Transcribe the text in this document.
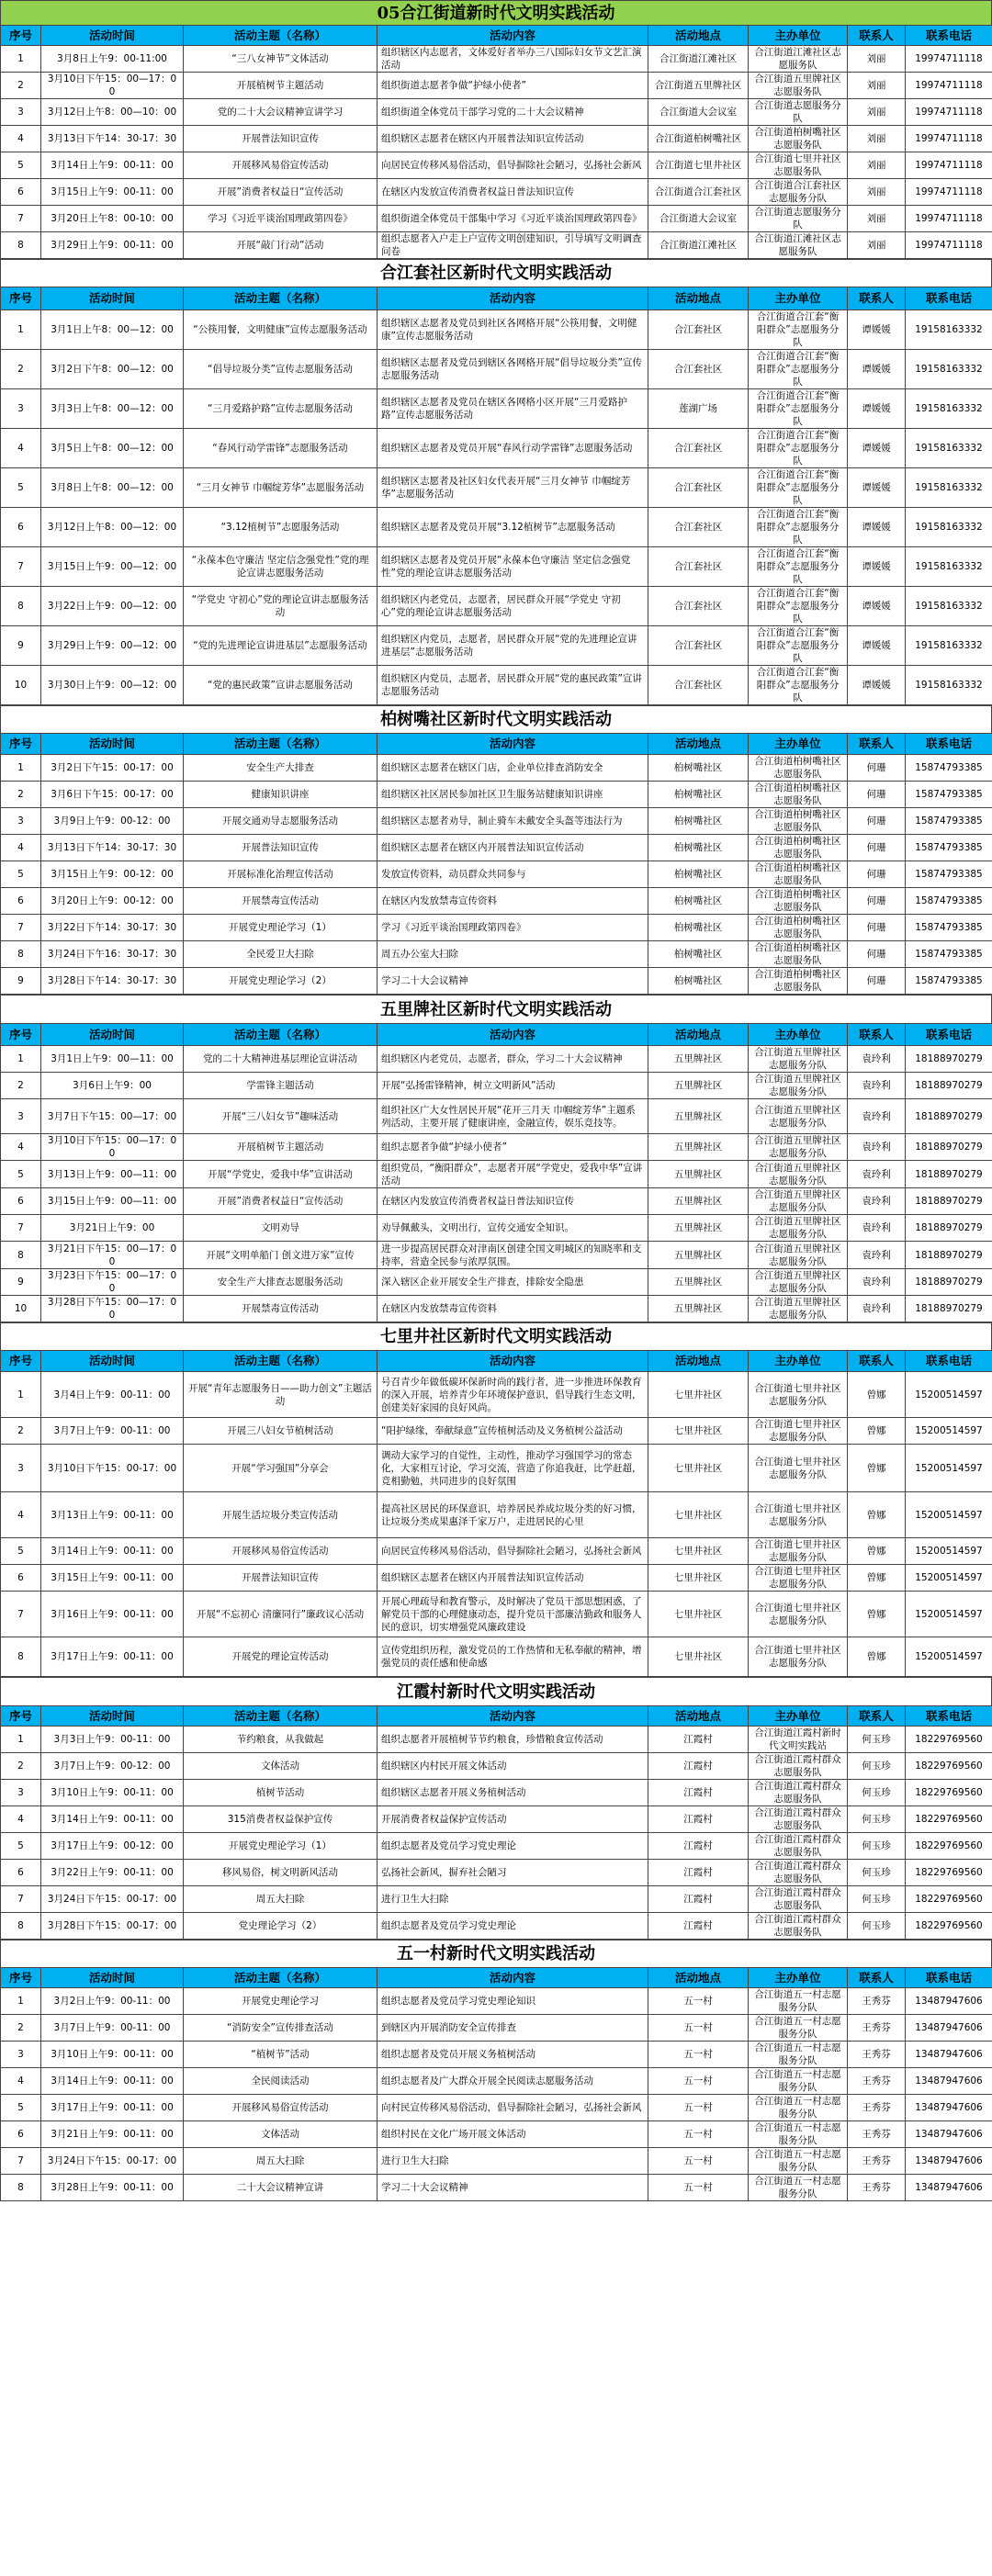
05合江街道新时代文明实践活动
序号	活动时间	活动主题（名称）	活动内容	活动地点	主办单位	联系人	联系电话
1	3月8日上午9：00-11:00	“三八女神节”文体活动	组织辖区内志愿者，文体爱好者举办三八国际妇女节文艺汇演活动	合江街道江滩社区	合江街道江滩社区志愿服务队	刘丽	19974711118
2	3月10日下午15：00—17：00	开展植树节主题活动	组织街道志愿者争做“护绿小使者”	合江街道五里牌社区	合江街道五里牌社区志愿服务队	刘丽	19974711118
3	3月12日上午8：00—10：00	党的二十大会议精神宣讲学习	组织街道全体党员干部学习党的二十大会议精神	合江街道大会议室	合江街道志愿服务分队	刘丽	19974711118
4	3月13日下午14：30-17：30	开展普法知识宣传	组织辖区志愿者在辖区内开展普法知识宣传活动	合江街道柏树嘴社区	合江街道柏树嘴社区志愿服务队	刘丽	19974711118
5	3月14日上午9：00-11：00	开展移风易俗宣传活动	向居民宣传移风易俗活动，倡导摒除社会陋习，弘扬社会新风	合江街道七里井社区	合江街道七里井社区志愿服务队	刘丽	19974711118
6	3月15日上午9：00-11：00	开展”消费者权益日“宣传活动	在辖区内发放宣传消费者权益日普法知识宣传	合江街道合江套社区	合江街道合江套社区志愿服务分队	刘丽	19974711118
7	3月20日上午8：00-10：00	学习《习近平谈治国理政第四卷》	组织街道全体党员干部集中学习《习近平谈治国理政第四卷》	合江街道大会议室	合江街道志愿服务分队	刘丽	19974711118
8	3月29日上午9：00-11：00	开展“敲门行动”活动	组织志愿者入户走上户宣传文明创建知识，引导填写文明调查问卷	合江街道江滩社区	合江街道江滩社区志愿服务队	刘丽	19974711118
合江套社区新时代文明实践活动
序号	活动时间	活动主题（名称）	活动内容	活动地点	主办单位	联系人	联系电话
1	3月1日上午8：00—12：00	“公筷用餐，文明健康”宣传志愿服务活动	组织辖区志愿者及党员到社区各网格开展“公筷用餐，文明健康”宣传志愿服务活动	合江套社区	合江街道合江套“衡阳群众”志愿服务分队	谭媛媛	19158163332
2	3月2日下午8：00—12：00	“倡导垃圾分类”宣传志愿服务活动	组织辖区志愿者及党员到辖区各网格开展“倡导垃圾分类”宣传志愿服务活动	合江套社区	合江街道合江套“衡阳群众”志愿服务分队	谭媛媛	19158163332
3	3月3日上午8：00—12：00	“三月爱路护路”宣传志愿服务活动	组织辖区志愿者及党员在辖区各网格小区开展“三月爱路护路”宣传志愿服务活动	莲湖广场	合江街道合江套“衡阳群众”志愿服务分队	谭媛媛	19158163332
4	3月5日上午8：00—12：00	“春风行动学雷锋”志愿服务活动	组织辖区志愿者及党员开展“春风行动学雷锋”志愿服务活动	合江套社区	合江街道合江套“衡阳群众”志愿服务分队	谭媛媛	19158163332
5	3月8日上午8：00—12：00	“三月女神节 巾帼绽芳华”志愿服务活动	组织辖区志愿者及社区妇女代表开展“三月女神节 巾帼绽芳华”志愿服务活动	合江套社区	合江街道合江套“衡阳群众”志愿服务分队	谭媛媛	19158163332
6	3月12日上午8：00—12：00	“3.12植树节”志愿服务活动	组织辖区志愿者及党员开展“3.12植树节”志愿服务活动	合江套社区	合江街道合江套“衡阳群众”志愿服务分队	谭媛媛	19158163332
7	3月15日上午9：00—12：00	“永葆本色守廉洁 坚定信念强党性”党的理论宣讲志愿服务活动	组织辖区志愿者及党员开展“永葆本色守廉洁 坚定信念强党性”党的理论宣讲志愿服务活动	合江套社区	合江街道合江套“衡阳群众”志愿服务分队	谭媛媛	19158163332
8	3月22日上午9：00—12：00	“学党史 守初心”党的理论宣讲志愿服务活动	组织辖区内老党员，志愿者，居民群众开展“学党史 守初心”党的理论宣讲志愿服务活动	合江套社区	合江街道合江套“衡阳群众”志愿服务分队	谭媛媛	19158163332
9	3月29日上午9：00—12：00	“党的先进理论宣讲进基层”志愿服务活动	组织辖区内党员，志愿者，居民群众开展“党的先进理论宣讲进基层”志愿服务活动	合江套社区	合江街道合江套“衡阳群众”志愿服务分队	谭媛媛	19158163332
10	3月30日上午9：00—12：00	“党的惠民政策”宣讲志愿服务活动	组织辖区内党员，志愿者，居民群众开展“党的惠民政策”宣讲志愿服务活动	合江套社区	合江街道合江套“衡阳群众”志愿服务分队	谭媛媛	19158163332
柏树嘴社区新时代文明实践活动
序号	活动时间	活动主题（名称）	活动内容	活动地点	主办单位	联系人	联系电话
1	3月2日下午15：00-17：00	安全生产大排查	组织辖区志愿者在辖区门店，企业单位排查消防安全	柏树嘴社区	合江街道柏树嘴社区志愿服务队	何珊	15874793385
2	3月6日下午15：00-17：00	健康知识讲座	组织辖区社区居民参加社区卫生服务站健康知识讲座	柏树嘴社区	合江街道柏树嘴社区志愿服务队	何珊	15874793385
3	3月9日上午9：00-12：00	开展交通劝导志愿服务活动	组织辖区志愿者劝导，制止骑车未戴安全头盔等违法行为	柏树嘴社区	合江街道柏树嘴社区志愿服务队	何珊	15874793385
4	3月13日下午14：30-17：30	开展普法知识宣传	组织辖区志愿者在辖区内开展普法知识宣传活动	柏树嘴社区	合江街道柏树嘴社区志愿服务队	何珊	15874793385
5	3月15日上午9：00-12：00	开展标准化治理宣传活动	发放宣传资料，动员群众共同参与	柏树嘴社区	合江街道柏树嘴社区志愿服务队	何珊	15874793385
6	3月20日上午9：00-12：00	开展禁毒宣传活动	在辖区内发放禁毒宣传资料	柏树嘴社区	合江街道柏树嘴社区志愿服务队	何珊	15874793385
7	3月22日下午14：30-17：30	开展党史理论学习（1）	学习《习近平谈治国理政第四卷》	柏树嘴社区	合江街道柏树嘴社区志愿服务队	何珊	15874793385
8	3月24日下午16：30-17：30	全民爱卫大扫除	周五办公室大扫除	柏树嘴社区	合江街道柏树嘴社区志愿服务队	何珊	15874793385
9	3月28日下午14：30-17：30	开展党史理论学习（2）	学习二十大会议精神	柏树嘴社区	合江街道柏树嘴社区志愿服务队	何珊	15874793385
五里牌社区新时代文明实践活动
序号	活动时间	活动主题（名称）	活动内容	活动地点	主办单位	联系人	联系电话
1	3月1日上午9：00—11：00	党的二十大精神进基层理论宣讲活动	组织辖区内老党员，志愿者，群众，学习二十大会议精神	五里牌社区	合江街道五里牌社区志愿服务分队	袁玲利	18188970279
2	3月6日上午9：00	学雷锋主题活动	开展“弘扬雷锋精神，树立文明新风”活动	五里牌社区	合江街道五里牌社区志愿服务分队	袁玲利	18188970279
3	3月7日下午15：00—17：00	开展“三八妇女节”趣味活动	组织社区广大女性居民开展“花开三月天 巾帼绽芳华”主题系列活动，主要开展了健康讲座，金融宣传，娱乐竞技等。	五里牌社区	合江街道五里牌社区志愿服务分队	袁玲利	18188970279
4	3月10日下午15：00—17：00	开展植树节主题活动	组织志愿者争做“护绿小使者”	五里牌社区	合江街道五里牌社区志愿服务分队	袁玲利	18188970279
5	3月13日上午9：00—11：00	开展“学党史，爱我中华”宣讲活动	组织党员，“衡阳群众”，志愿者开展“学党史，爱我中华”宣讲活动	五里牌社区	合江街道五里牌社区志愿服务分队	袁玲利	18188970279
6	3月15日上午9：00—11：00	开展”消费者权益日“宣传活动	在辖区内发放宣传消费者权益日普法知识宣传	五里牌社区	合江街道五里牌社区志愿服务分队	袁玲利	18188970279
7	3月21日上午9：00	文明劝导	劝导佩戴头，文明出行，宣传交通安全知识。	五里牌社区	合江街道五里牌社区志愿服务分队	袁玲利	18188970279
8	3月21日下午15：00—17：00	开展“文明单船门 创文进万家”宣传	进一步提高居民群众对津南区创建全国文明城区的知晓率和支持率，营造全民参与浓厚氛围。	五里牌社区	合江街道五里牌社区志愿服务分队	袁玲利	18188970279
9	3月23日下午15：00—17：00	安全生产大排查志愿服务活动	深入辖区企业开展安全生产排查，排除安全隐患	五里牌社区	合江街道五里牌社区志愿服务分队	袁玲利	18188970279
10	3月28日下午15：00—17：00	开展禁毒宣传活动	在辖区内发放禁毒宣传资料	五里牌社区	合江街道五里牌社区志愿服务分队	袁玲利	18188970279
七里井社区新时代文明实践活动
序号	活动时间	活动主题（名称）	活动内容	活动地点	主办单位	联系人	联系电话
1	3月4日上午9：00-11：00	开展“青年志愿服务日——助力创文”主题活动	号召青少年做低碳环保新时尚的践行者，进一步推进环保教育的深入开展，培养青少年环境保护意识，倡导践行生态文明，创建美好家园的良好风尚。	七里井社区	合江街道七里井社区志愿服务分队	曾娜	15200514597
2	3月7日上午9：00-11：00	开展三八妇女节植树活动	“阳护绿缘，奉献绿意”宣传植树活动及义务植树公益活动	七里井社区	合江街道七里井社区志愿服务分队	曾娜	15200514597
3	3月10日下午15：00-17：00	开展“学习强国”分享会	调动大家学习的自觉性，主动性，推动学习强国学习的常态化，大家相互讨论，学习交流，营造了你追我赶，比学赶超，竞相勤勉，共同进步的良好氛围	七里井社区	合江街道七里井社区志愿服务分队	曾娜	15200514597
4	3月13日上午9：00-11：00	开展生活垃圾分类宣传活动	提高社区居民的环保意识，培养居民养成垃圾分类的好习惯，让垃圾分类成果惠泽千家万户，走进居民的心里	七里井社区	合江街道七里井社区志愿服务分队	曾娜	15200514597
5	3月14日上午9：00-11：00	开展移风易俗宣传活动	向居民宣传移风易俗活动，倡导摒除社会陋习，弘扬社会新风	七里井社区	合江街道七里井社区志愿服务分队	曾娜	15200514597
6	3月15日上午9：00-11：00	开展普法知识宣传	组织辖区志愿者在辖区内开展普法知识宣传活动	七里井社区	合江街道七里井社区志愿服务分队	曾娜	15200514597
7	3月16日上午9：00-11：00	开展“不忘初心 清廉同行”廉政议心活动	开展心理疏导和教育警示，及时解决了党员干部思想困惑，了解党员干部的心理健康动态，提升党员干部廉洁勤政和服务人民的意识，切实增强党风廉政建设	七里井社区	合江街道七里井社区志愿服务分队	曾娜	15200514597
8	3月17日上午9：00-11：00	开展党的理论宣传活动	宣传党组织历程，激发党员的工作热情和无私奉献的精神，增强党员的责任感和使命感	七里井社区	合江街道七里井社区志愿服务分队	曾娜	15200514597
江霞村新时代文明实践活动
序号	活动时间	活动主题（名称）	活动内容	活动地点	主办单位	联系人	联系电话
1	3月3日上午9：00-11：00	节约粮食，从我做起	组织志愿者开展植树节节约粮食，珍惜粮食宣传活动	江霞村	合江街道江霞村新时代文明实践站	何玉珍	18229769560
2	3月7日上午9：00-12：00	文体活动	组织辖区内村民开展文体活动	江霞村	合江街道江霞村群众志愿服务队	何玉珍	18229769560
3	3月10日上午9：00-11：00	植树节活动	组织辖区志愿者开展义务植树活动	江霞村	合江街道江霞村群众志愿服务队	何玉珍	18229769560
4	3月14日上午9：00-11：00	315消费者权益保护宣传	开展消费者权益保护宣传活动	江霞村	合江街道江霞村群众志愿服务队	何玉珍	18229769560
5	3月17日上午9：00-12：00	开展党史理论学习（1）	组织志愿者及党员学习党史理论	江霞村	合江街道江霞村群众志愿服务队	何玉珍	18229769560
6	3月22日上午9：00-11：00	移风易俗，树文明新风活动	弘扬社会新风，摒弃社会陋习	江霞村	合江街道江霞村群众志愿服务队	何玉珍	18229769560
7	3月24日下午15：00-17：00	周五大扫除	进行卫生大扫除	江霞村	合江街道江霞村群众志愿服务队	何玉珍	18229769560
8	3月28日下午15：00-17：00	党史理论学习（2）	组织志愿者及党员学习党史理论	江霞村	合江街道江霞村群众志愿服务队	何玉珍	18229769560
五一村新时代文明实践活动
序号	活动时间	活动主题（名称）	活动内容	活动地点	主办单位	联系人	联系电话
1	3月2日上午9：00-11：00	开展党史理论学习	组织志愿者及党员学习党史理论知识	五一村	合江街道五一村志愿服务分队	王秀芬	13487947606
2	3月7日上午9：00-11：00	“消防安全”宣传排查活动	到辖区内开展消防安全宣传排查	五一村	合江街道五一村志愿服务分队	王秀芬	13487947606
3	3月10日上午9：00-11：00	“植树节”活动	组织志愿者及党员开展义务植树活动	五一村	合江街道五一村志愿服务分队	王秀芬	13487947606
4	3月14日上午9：00-11：00	全民阅读活动	组织志愿者及广大群众开展全民阅读志愿服务活动	五一村	合江街道五一村志愿服务分队	王秀芬	13487947606
5	3月17日上午9：00-11：00	开展移风易俗宣传活动	向村民宣传移风易俗活动，倡导摒除社会陋习，弘扬社会新风	五一村	合江街道五一村志愿服务分队	王秀芬	13487947606
6	3月21日上午9：00-11：00	文体活动	组织村民在文化广场开展文体活动	五一村	合江街道五一村志愿服务分队	王秀芬	13487947606
7	3月24日下午15：00-17：00	周五大扫除	进行卫生大扫除	五一村	合江街道五一村志愿服务分队	王秀芬	13487947606
8	3月28日上午9：00-11：00	二十大会议精神宣讲	学习二十大会议精神	五一村	合江街道五一村志愿服务分队	王秀芬	13487947606
